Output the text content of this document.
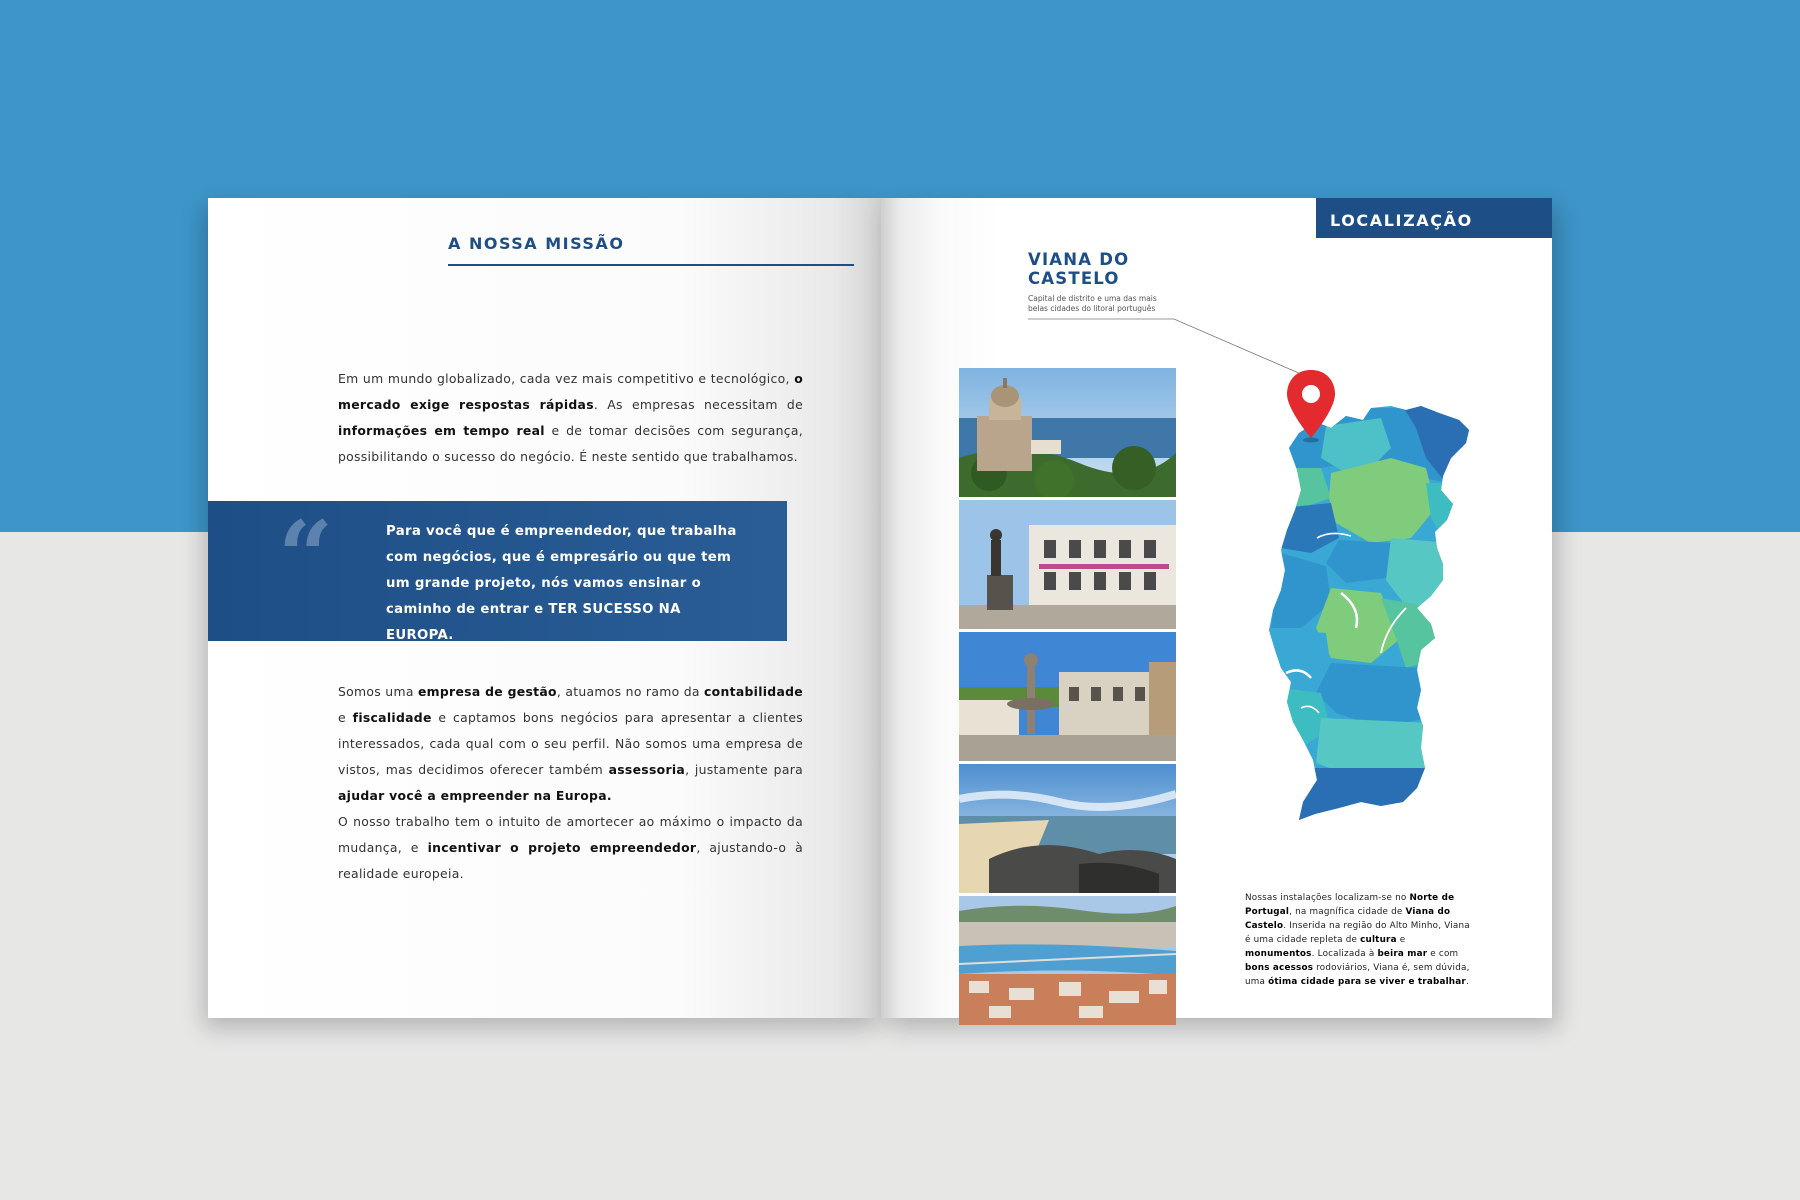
A NOSSA MISSÃO

Em um mundo globalizado, cada vez mais competitivo e tecnológico, o mercado exige respostas rápidas. As empresas necessitam de informações em tempo real e de tomar decisões com segurança, possibilitando o sucesso do negócio. É neste sentido que trabalhamos.

“	Para você que é empreendedor, que trabalha com negócios, que é empresário ou que tem um grande projeto, nós vamos ensinar o caminho de entrar e TER SUCESSO NA EUROPA.

Somos uma empresa de gestão, atuamos no ramo da contabilidade e fiscalidade e captamos bons negócios para apresentar a clientes interessados, cada qual com o seu perfil. Não somos uma empresa de vistos, mas decidimos oferecer também assessoria, justamente para ajudar você a empreender na Europa.
O nosso trabalho tem o intuito de amortecer ao máximo o impacto da mudança, e incentivar o projeto empreendedor, ajustando-o à realidade europeia.

LOCALIZAÇÃO
VIANA DO CASTELO
Capital de distrito e uma das mais belas cidades do litoral português

Nossas instalações localizam-se no Norte de Portugal, na magnífica cidade de Viana do Castelo. Inserida na região do Alto Minho, Viana é uma cidade repleta de cultura e monumentos. Localizada à beira mar e com bons acessos rodoviários, Viana é, sem dúvida, uma ótima cidade para se viver e trabalhar.
